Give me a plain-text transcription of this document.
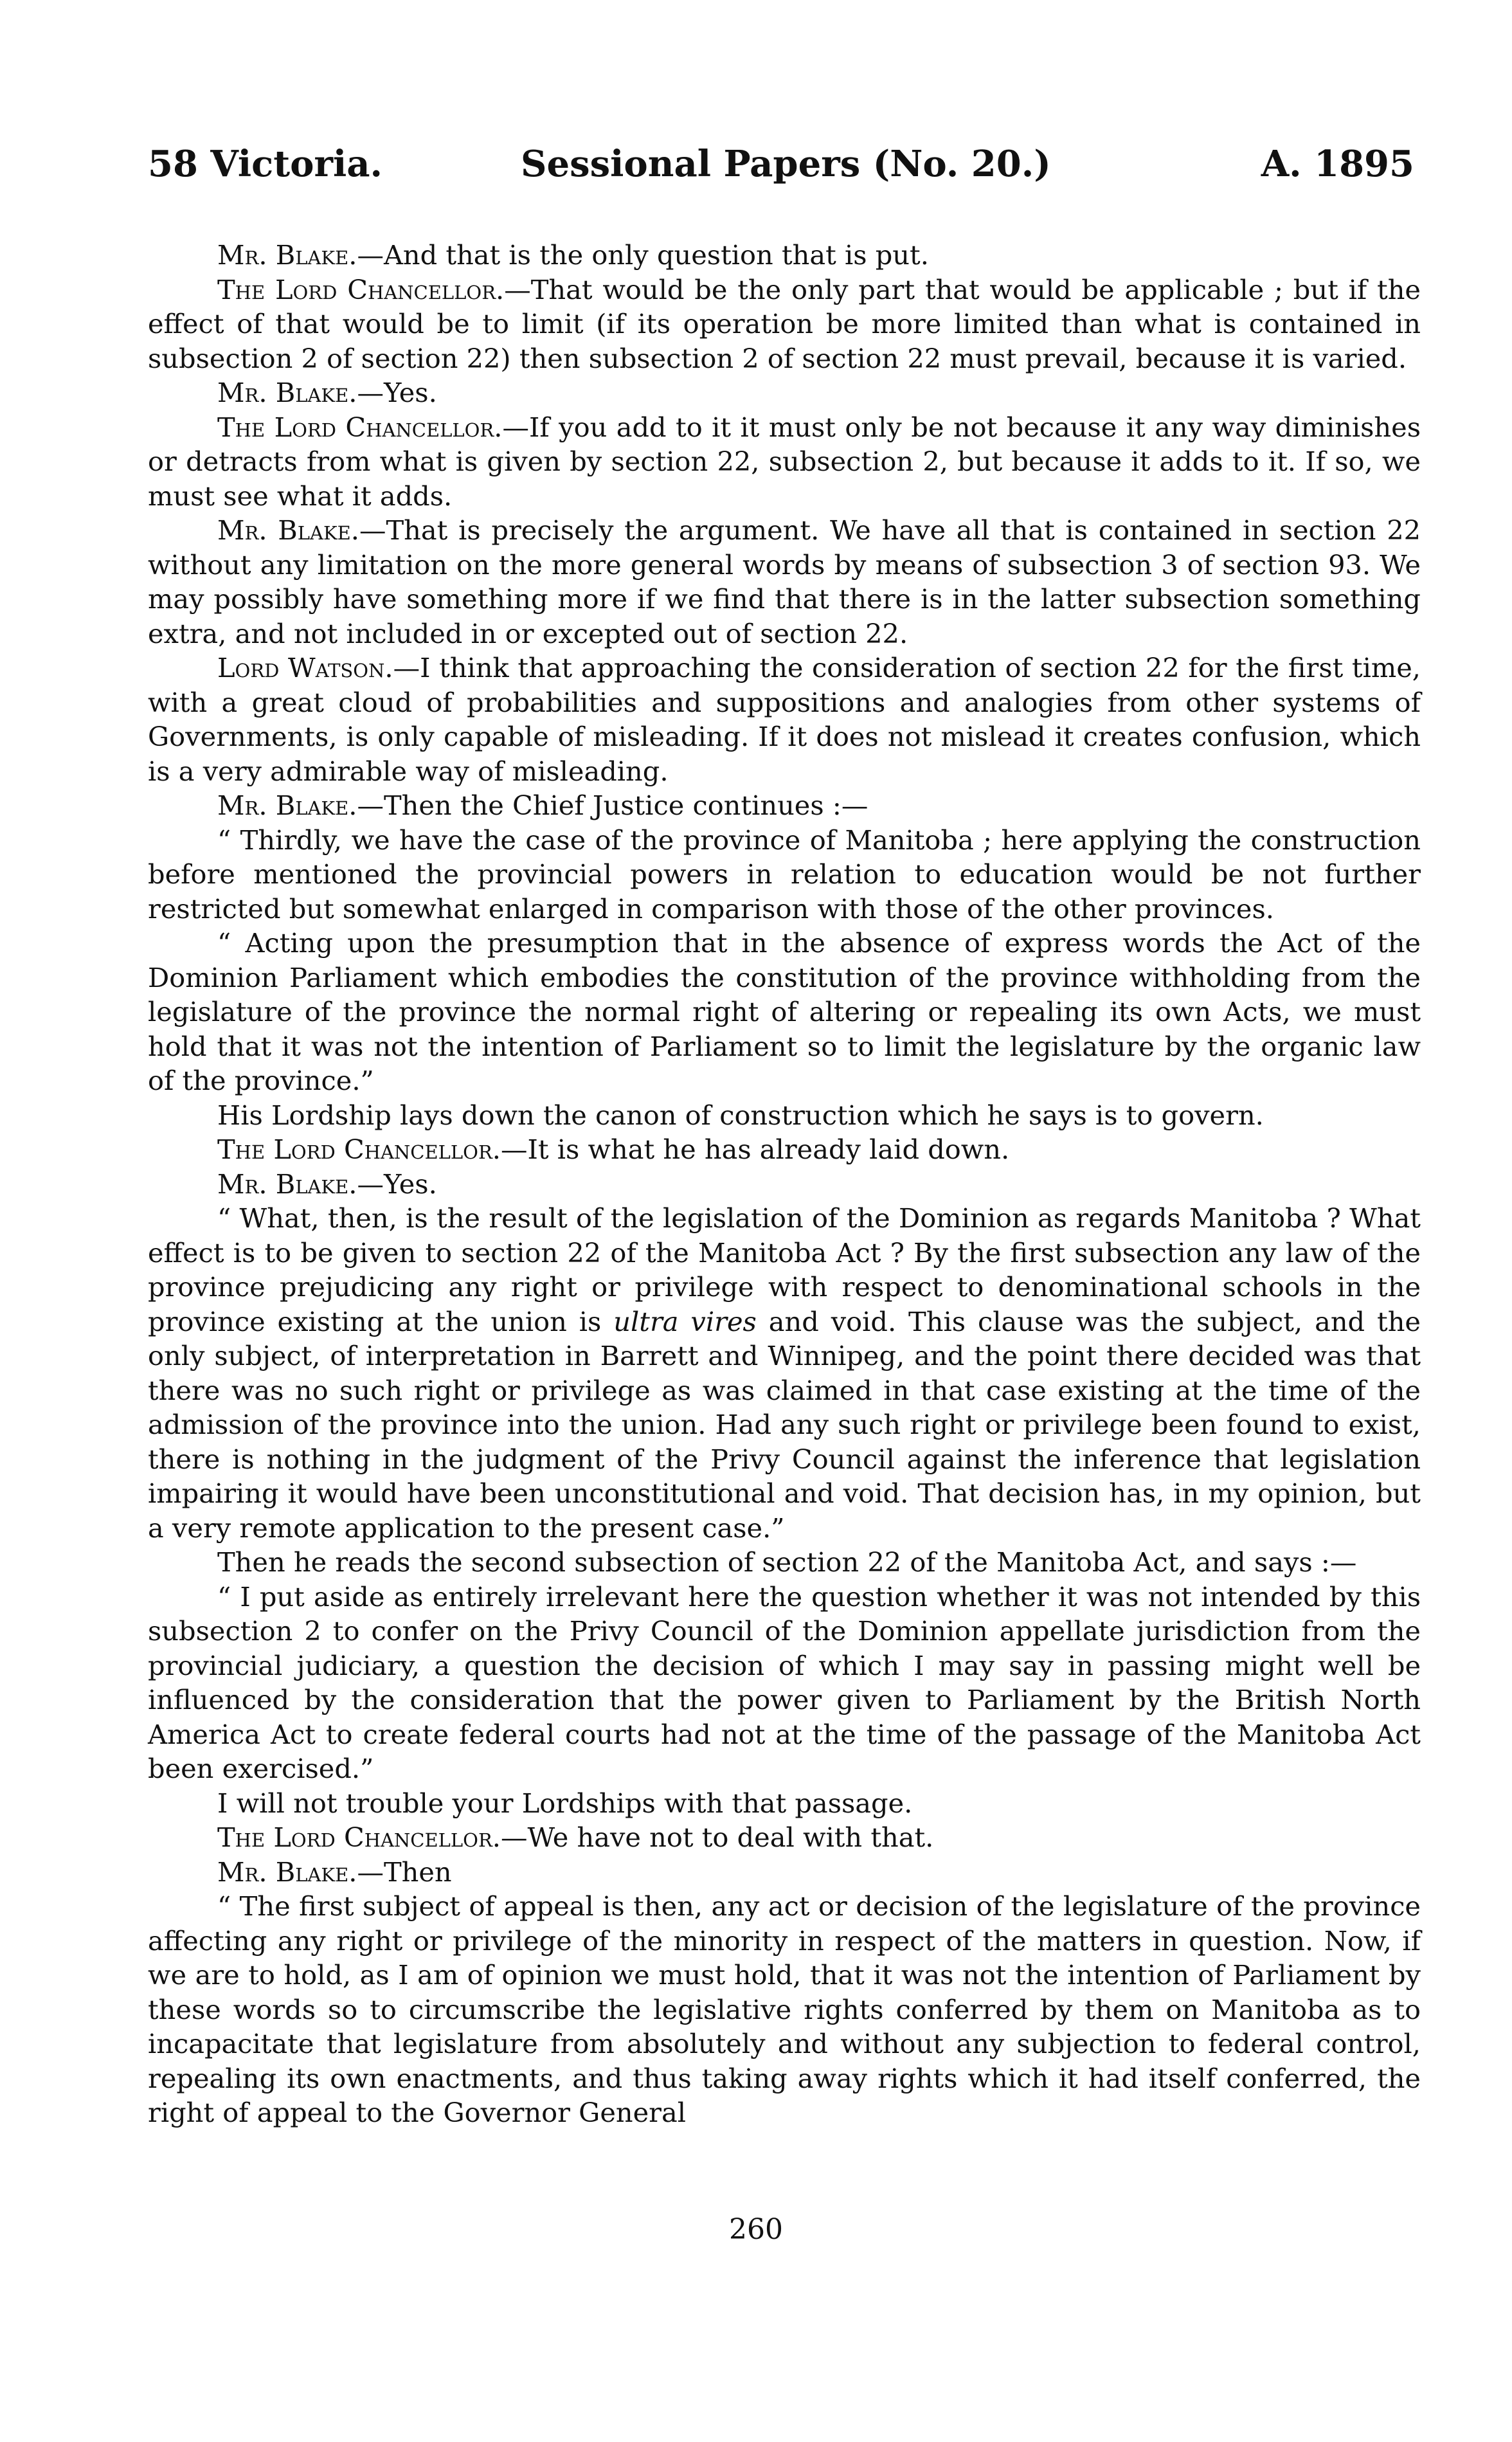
58 Victoria.	Sessional Papers (No. 20.)	A. 1895

Mr. Blake.—And that is the only question that is put.

The Lord Chancellor.—That would be the only part that would be applicable ; but if the effect of that would be to limit (if its operation be more limited than what is contained in subsection 2 of section 22) then subsection 2 of section 22 must prevail, because it is varied.

Mr. Blake.—Yes.

The Lord Chancellor.—If you add to it it must only be not because it any way diminishes or detracts from what is given by section 22, subsection 2, but because it adds to it. If so, we must see what it adds.

Mr. Blake.—That is precisely the argument. We have all that is contained in section 22 without any limitation on the more general words by means of subsection 3 of section 93. We may possibly have something more if we find that there is in the latter subsection something extra, and not included in or excepted out of section 22.

Lord Watson.—I think that approaching the consideration of section 22 for the first time, with a great cloud of probabilities and suppositions and analogies from other systems of Governments, is only capable of misleading. If it does not mislead it creates confusion, which is a very admirable way of misleading.

Mr. Blake.—Then the Chief Justice continues :—

“ Thirdly, we have the case of the province of Manitoba ; here applying the construction before mentioned the provincial powers in relation to education would be not further restricted but somewhat enlarged in comparison with those of the other provinces.

“ Acting upon the presumption that in the absence of express words the Act of the Dominion Parliament which embodies the constitution of the province withholding from the legislature of the province the normal right of altering or repealing its own Acts, we must hold that it was not the intention of Parliament so to limit the legislature by the organic law of the province.”

His Lordship lays down the canon of construction which he says is to govern.

The Lord Chancellor.—It is what he has already laid down.

Mr. Blake.—Yes.

“ What, then, is the result of the legislation of the Dominion as regards Manitoba ? What effect is to be given to section 22 of the Manitoba Act ? By the first subsection any law of the province prejudicing any right or privilege with respect to denominational schools in the province existing at the union is ultra vires and void. This clause was the subject, and the only subject, of interpretation in Barrett and Winnipeg, and the point there decided was that there was no such right or privilege as was claimed in that case existing at the time of the admission of the province into the union. Had any such right or privilege been found to exist, there is nothing in the judgment of the Privy Council against the inference that legislation impairing it would have been unconstitutional and void. That decision has, in my opinion, but a very remote application to the present case.”

Then he reads the second subsection of section 22 of the Manitoba Act, and says :—

“ I put aside as entirely irrelevant here the question whether it was not intended by this subsection 2 to confer on the Privy Council of the Dominion appellate jurisdiction from the provincial judiciary, a question the decision of which I may say in passing might well be influenced by the consideration that the power given to Parliament by the British North America Act to create federal courts had not at the time of the passage of the Manitoba Act been exercised.”

I will not trouble your Lordships with that passage.

The Lord Chancellor.—We have not to deal with that.

Mr. Blake.—Then

“ The first subject of appeal is then, any act or decision of the legislature of the province affecting any right or privilege of the minority in respect of the matters in question. Now, if we are to hold, as I am of opinion we must hold, that it was not the intention of Parliament by these words so to circumscribe the legislative rights conferred by them on Manitoba as to incapacitate that legislature from absolutely and without any subjection to federal control, repealing its own enactments, and thus taking away rights which it had itself conferred, the right of appeal to the Governor General

260
